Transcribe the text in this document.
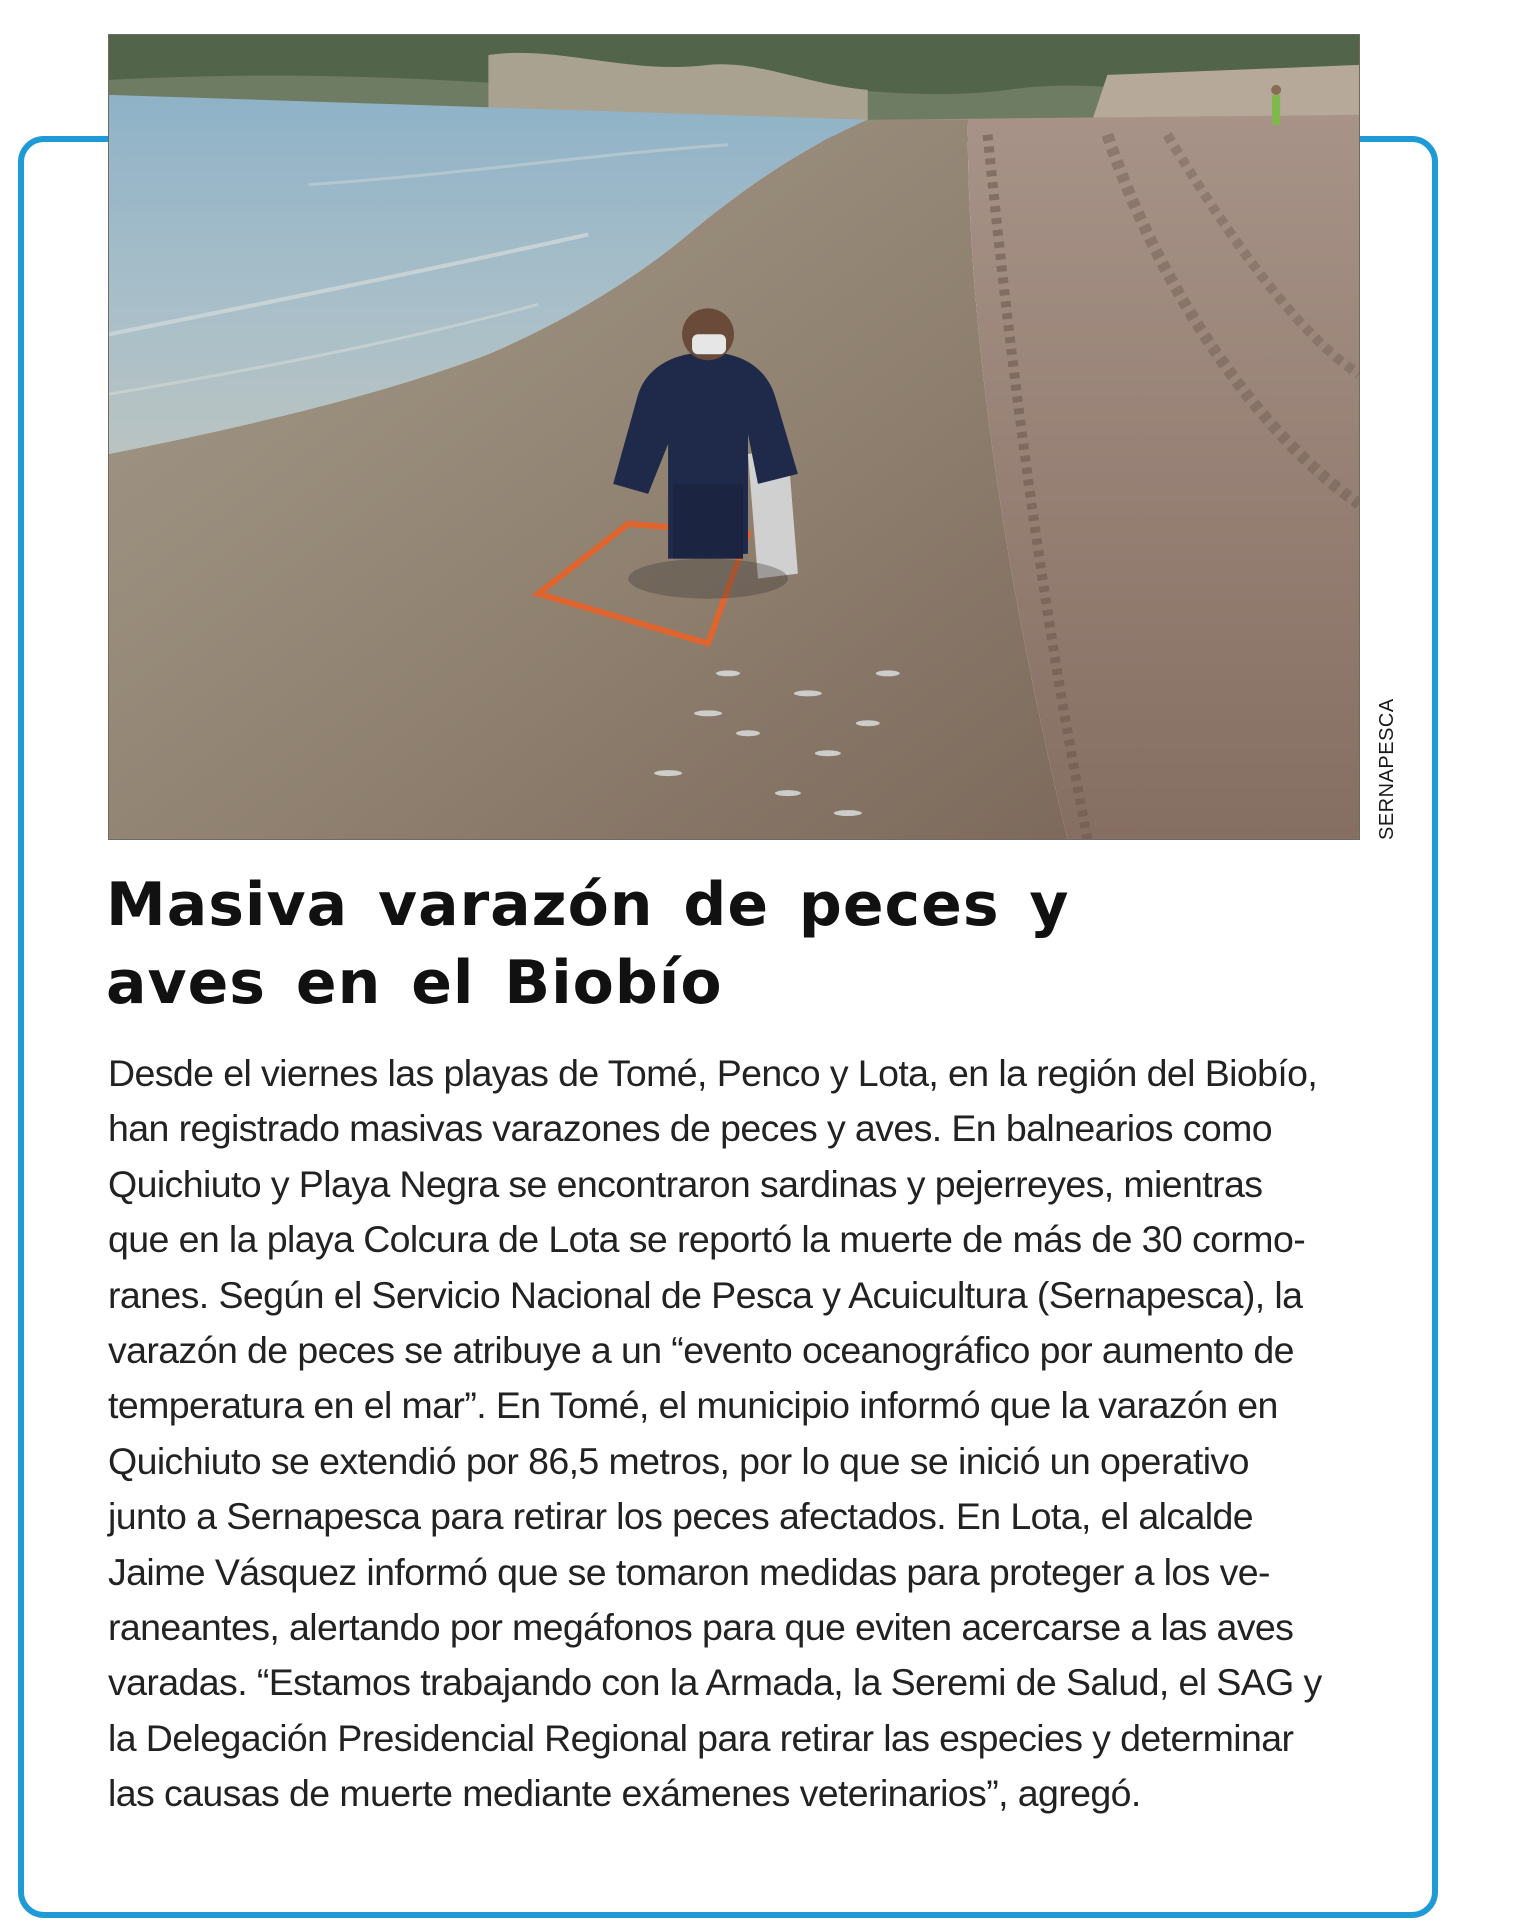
SERNAPESCA
Masiva varazón de peces y
aves en el Biobío

Desde el viernes las playas de Tomé, Penco y Lota, en la región del Biobío,
han registrado masivas varazones de peces y aves. En balnearios como
Quichiuto y Playa Negra se encontraron sardinas y pejerreyes, mientras
que en la playa Colcura de Lota se reportó la muerte de más de 30 cormo-
ranes. Según el Servicio Nacional de Pesca y Acuicultura (Sernapesca), la
varazón de peces se atribuye a un “evento oceanográfico por aumento de
temperatura en el mar”. En Tomé, el municipio informó que la varazón en
Quichiuto se extendió por 86,5 metros, por lo que se inició un operativo
junto a Sernapesca para retirar los peces afectados. En Lota, el alcalde
Jaime Vásquez informó que se tomaron medidas para proteger a los ve-
raneantes, alertando por megáfonos para que eviten acercarse a las aves
varadas. “Estamos trabajando con la Armada, la Seremi de Salud, el SAG y
la Delegación Presidencial Regional para retirar las especies y determinar
las causas de muerte mediante exámenes veterinarios”, agregó.
